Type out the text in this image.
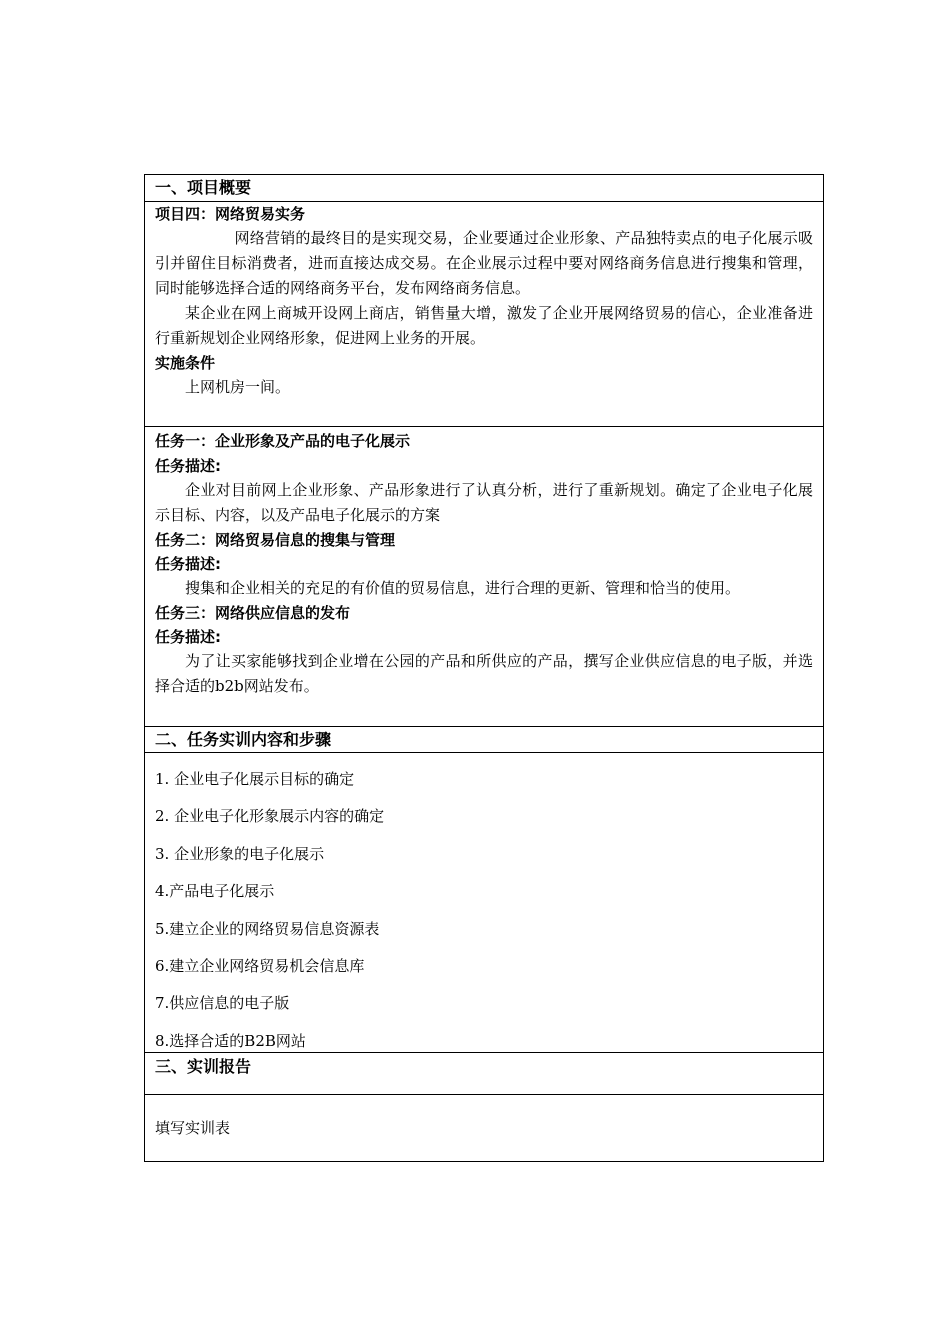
一、项目概要
项目四：网络贸易实务

网络营销的最终目的是实现交易，企业要通过企业形象、产品独特卖点的电子化展示吸引并留住目标消费者，进而直接达成交易。在企业展示过程中要对网络商务信息进行搜集和管理，同时能够选择合适的网络商务平台，发布网络商务信息。

某企业在网上商城开设网上商店，销售量大增，激发了企业开展网络贸易的信心，企业准备进行重新规划企业网络形象，促进网上业务的开展。

实施条件

上网机房一间。

任务一：企业形象及产品的电子化展示
任务描述:

企业对目前网上企业形象、产品形象进行了认真分析，进行了重新规划。确定了企业电子化展示目标、内容，以及产品电子化展示的方案

任务二：网络贸易信息的搜集与管理
任务描述:

搜集和企业相关的充足的有价值的贸易信息，进行合理的更新、管理和恰当的使用。

任务三：网络供应信息的发布
任务描述:

为了让买家能够找到企业增在公园的产品和所供应的产品，撰写企业供应信息的电子版，并选择合适的b2b网站发布。

二、任务实训内容和步骤

1. 企业电子化展示目标的确定

2. 企业电子化形象展示内容的确定

3. 企业形象的电子化展示

4.产品电子化展示

5.建立企业的网络贸易信息资源表

6.建立企业网络贸易机会信息库

7.供应信息的电子版

8.选择合适的B2B网站

三、实训报告

填写实训表
